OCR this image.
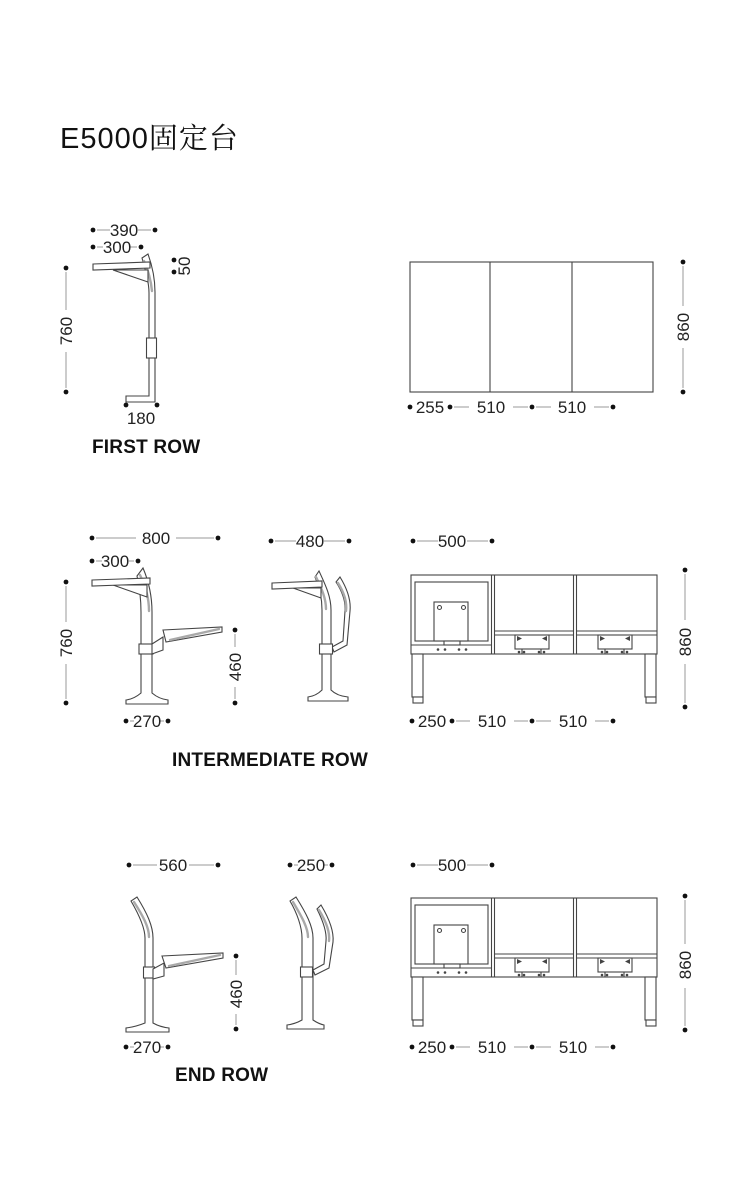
E5000固定台
390
300
50
760
180
860
255 510	510
FIRST ROW
800
300
760
460
270
480	500
860
250 510	510
INTERMEDIATE ROW
560
460
270
250	500
860
250 510	510
END ROW
